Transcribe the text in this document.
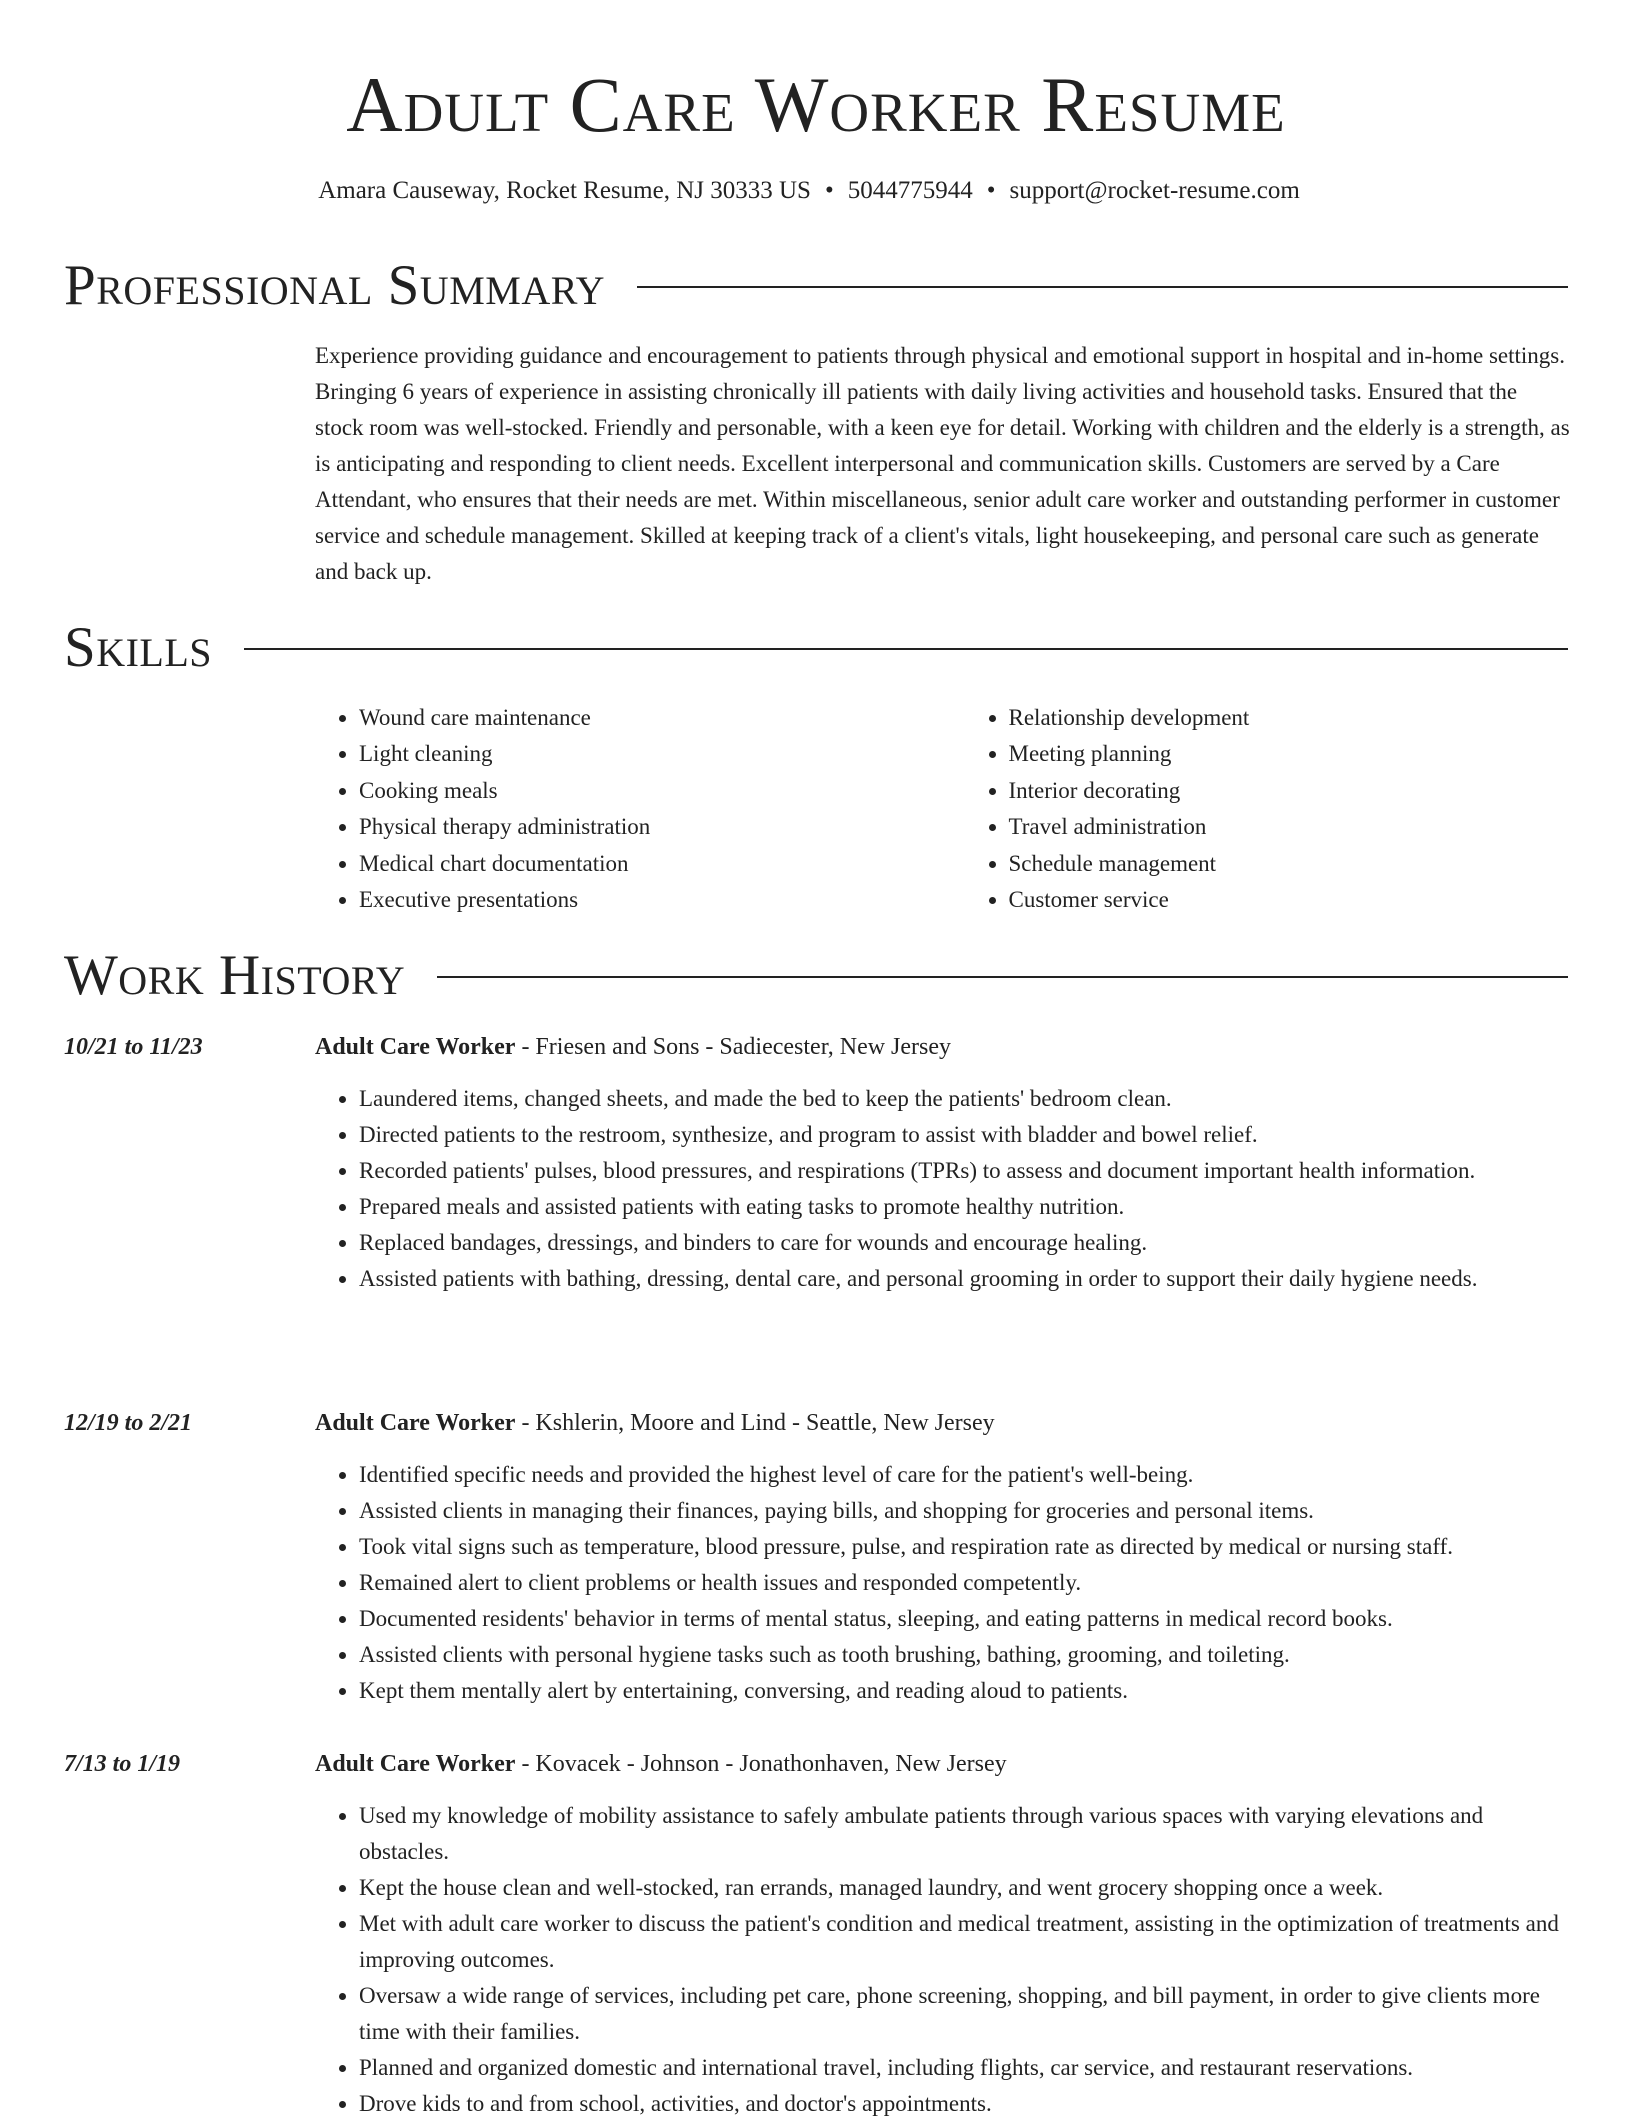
Adult Care Worker Resume
Amara Causeway, Rocket Resume, NJ 30333 US • 5044775944 • support@rocket-resume.com
Professional Summary

Experience providing guidance and encouragement to patients through physical and emotional support in hospital and in-home settings. Bringing 6 years of experience in assisting chronically ill patients with daily living activities and household tasks. Ensured that the stock room was well-stocked. Friendly and personable, with a keen eye for detail. Working with children and the elderly is a strength, as is anticipating and responding to client needs. Excellent interpersonal and communication skills. Customers are served by a Care Attendant, who ensures that their needs are met. Within miscellaneous, senior adult care worker and outstanding performer in customer service and schedule management. Skilled at keeping track of a client's vitals, light housekeeping, and personal care such as generate and back up.

Skills
• Wound care maintenance
• Light cleaning
• Cooking meals
• Physical therapy administration
• Medical chart documentation
• Executive presentations
• Relationship development
• Meeting planning
• Interior decorating
• Travel administration
• Schedule management
• Customer service
Work History
10/21 to 11/23	Adult Care Worker - Friesen and Sons - Sadiecester, New Jersey
• Laundered items, changed sheets, and made the bed to keep the patients' bedroom clean.
• Directed patients to the restroom, synthesize, and program to assist with bladder and bowel relief.
• Recorded patients' pulses, blood pressures, and respirations (TPRs) to assess and document important health information.
• Prepared meals and assisted patients with eating tasks to promote healthy nutrition.
• Replaced bandages, dressings, and binders to care for wounds and encourage healing.
• Assisted patients with bathing, dressing, dental care, and personal grooming in order to support their daily hygiene needs.
12/19 to 2/21	Adult Care Worker - Kshlerin, Moore and Lind - Seattle, New Jersey
• Identified specific needs and provided the highest level of care for the patient's well-being.
• Assisted clients in managing their finances, paying bills, and shopping for groceries and personal items.
• Took vital signs such as temperature, blood pressure, pulse, and respiration rate as directed by medical or nursing staff.
• Remained alert to client problems or health issues and responded competently.
• Documented residents' behavior in terms of mental status, sleeping, and eating patterns in medical record books.
• Assisted clients with personal hygiene tasks such as tooth brushing, bathing, grooming, and toileting.
• Kept them mentally alert by entertaining, conversing, and reading aloud to patients.
7/13 to 1/19	Adult Care Worker - Kovacek - Johnson - Jonathonhaven, New Jersey
• Used my knowledge of mobility assistance to safely ambulate patients through various spaces with varying elevations and obstacles.
• Kept the house clean and well-stocked, ran errands, managed laundry, and went grocery shopping once a week.
• Met with adult care worker to discuss the patient's condition and medical treatment, assisting in the optimization of treatments and improving outcomes.
• Oversaw a wide range of services, including pet care, phone screening, shopping, and bill payment, in order to give clients more time with their families.
• Planned and organized domestic and international travel, including flights, car service, and restaurant reservations.
• Drove kids to and from school, activities, and doctor's appointments.
